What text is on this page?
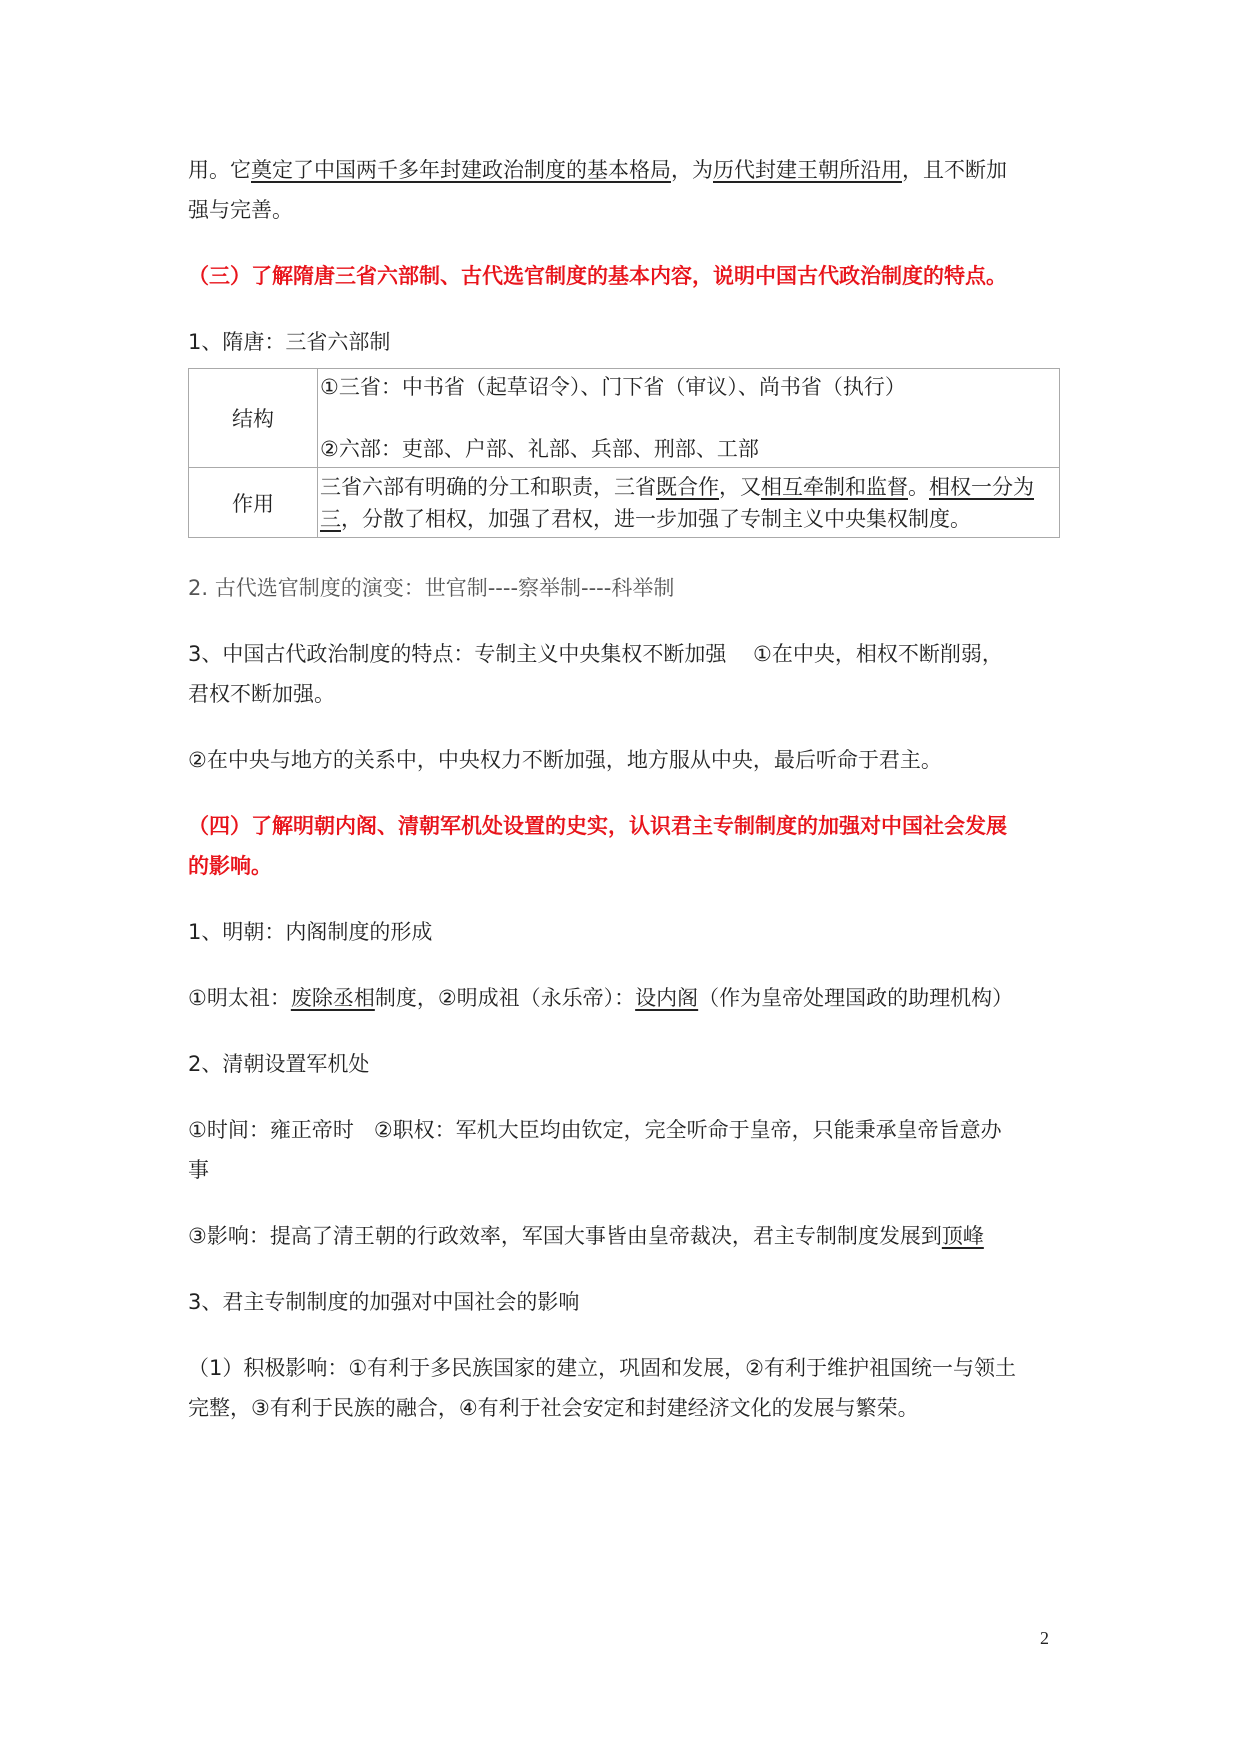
用。它奠定了中国两千多年封建政治制度的基本格局，为历代封建王朝所沿用，且不断加

强与完善。

（三）了解隋唐三省六部制、古代选官制度的基本内容，说明中国古代政治制度的特点。

1、隋唐：三省六部制

结构	①三省：中书省（起草诏令）、门下省（审议）、尚书省（执行）
②六部：吏部、户部、礼部、兵部、刑部、工部

作用	三省六部有明确的分工和职责，三省既合作，又相互牵制和监督。相权一分为三，分散了相权，加强了君权，进一步加强了专制主义中央集权制度。

2. 古代选官制度的演变：世官制----察举制----科举制

3、中国古代政治制度的特点：专制主义中央集权不断加强    ①在中央，相权不断削弱，

君权不断加强。

②在中央与地方的关系中，中央权力不断加强，地方服从中央，最后听命于君主。

（四）了解明朝内阁、清朝军机处设置的史实，认识君主专制制度的加强对中国社会发展

的影响。

1、明朝：内阁制度的形成

①明太祖：废除丞相制度，②明成祖（永乐帝）：设内阁（作为皇帝处理国政的助理机构）

2、清朝设置军机处

①时间：雍正帝时   ②职权：军机大臣均由钦定，完全听命于皇帝，只能秉承皇帝旨意办

事

③影响：提高了清王朝的行政效率，军国大事皆由皇帝裁决，君主专制制度发展到顶峰

3、君主专制制度的加强对中国社会的影响

（1）积极影响：①有利于多民族国家的建立，巩固和发展，②有利于维护祖国统一与领土

完整，③有利于民族的融合，④有利于社会安定和封建经济文化的发展与繁荣。

2
